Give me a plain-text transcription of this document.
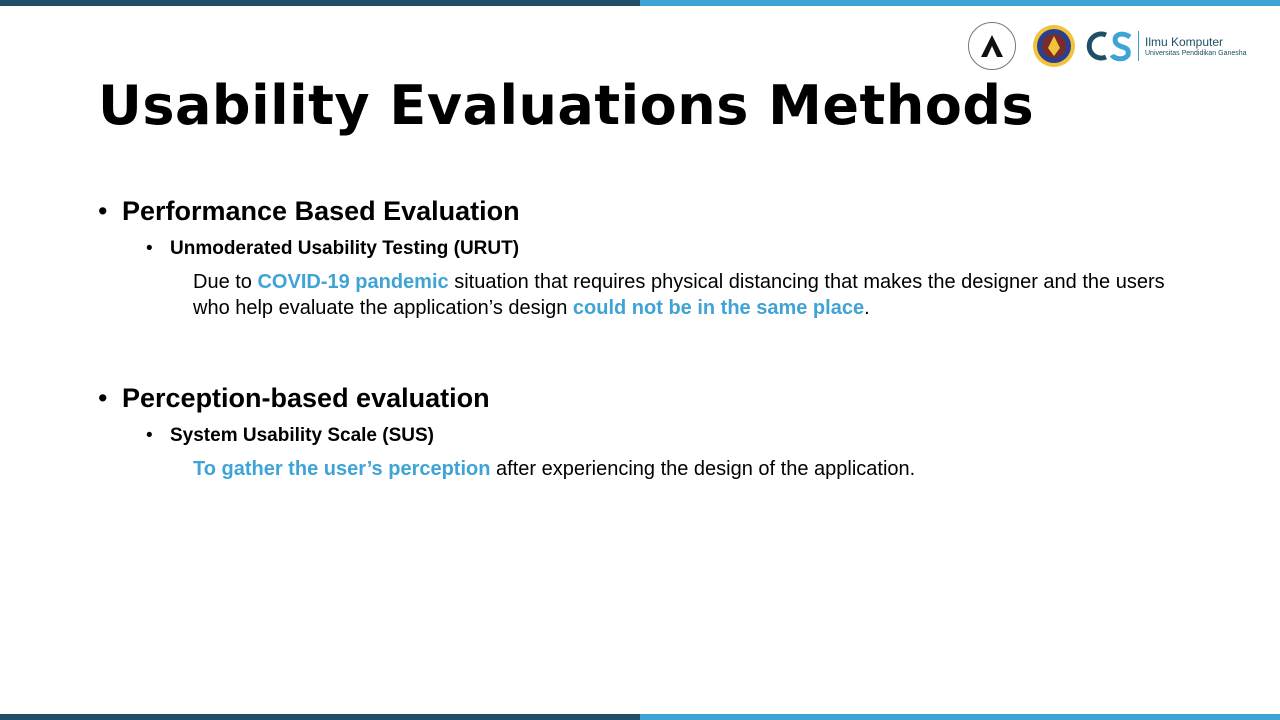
Ilmu Komputer
Universitas Pendidikan Ganesha
Usability Evaluations Methods
• Performance Based Evaluation
• Unmoderated Usability Testing (URUT)
Due to COVID-19 pandemic situation that requires physical distancing that makes the designer and the users who help evaluate the application’s design could not be in the same place.
• Perception-based evaluation
• System Usability Scale (SUS)
To gather the user’s perception after experiencing the design of the application.
